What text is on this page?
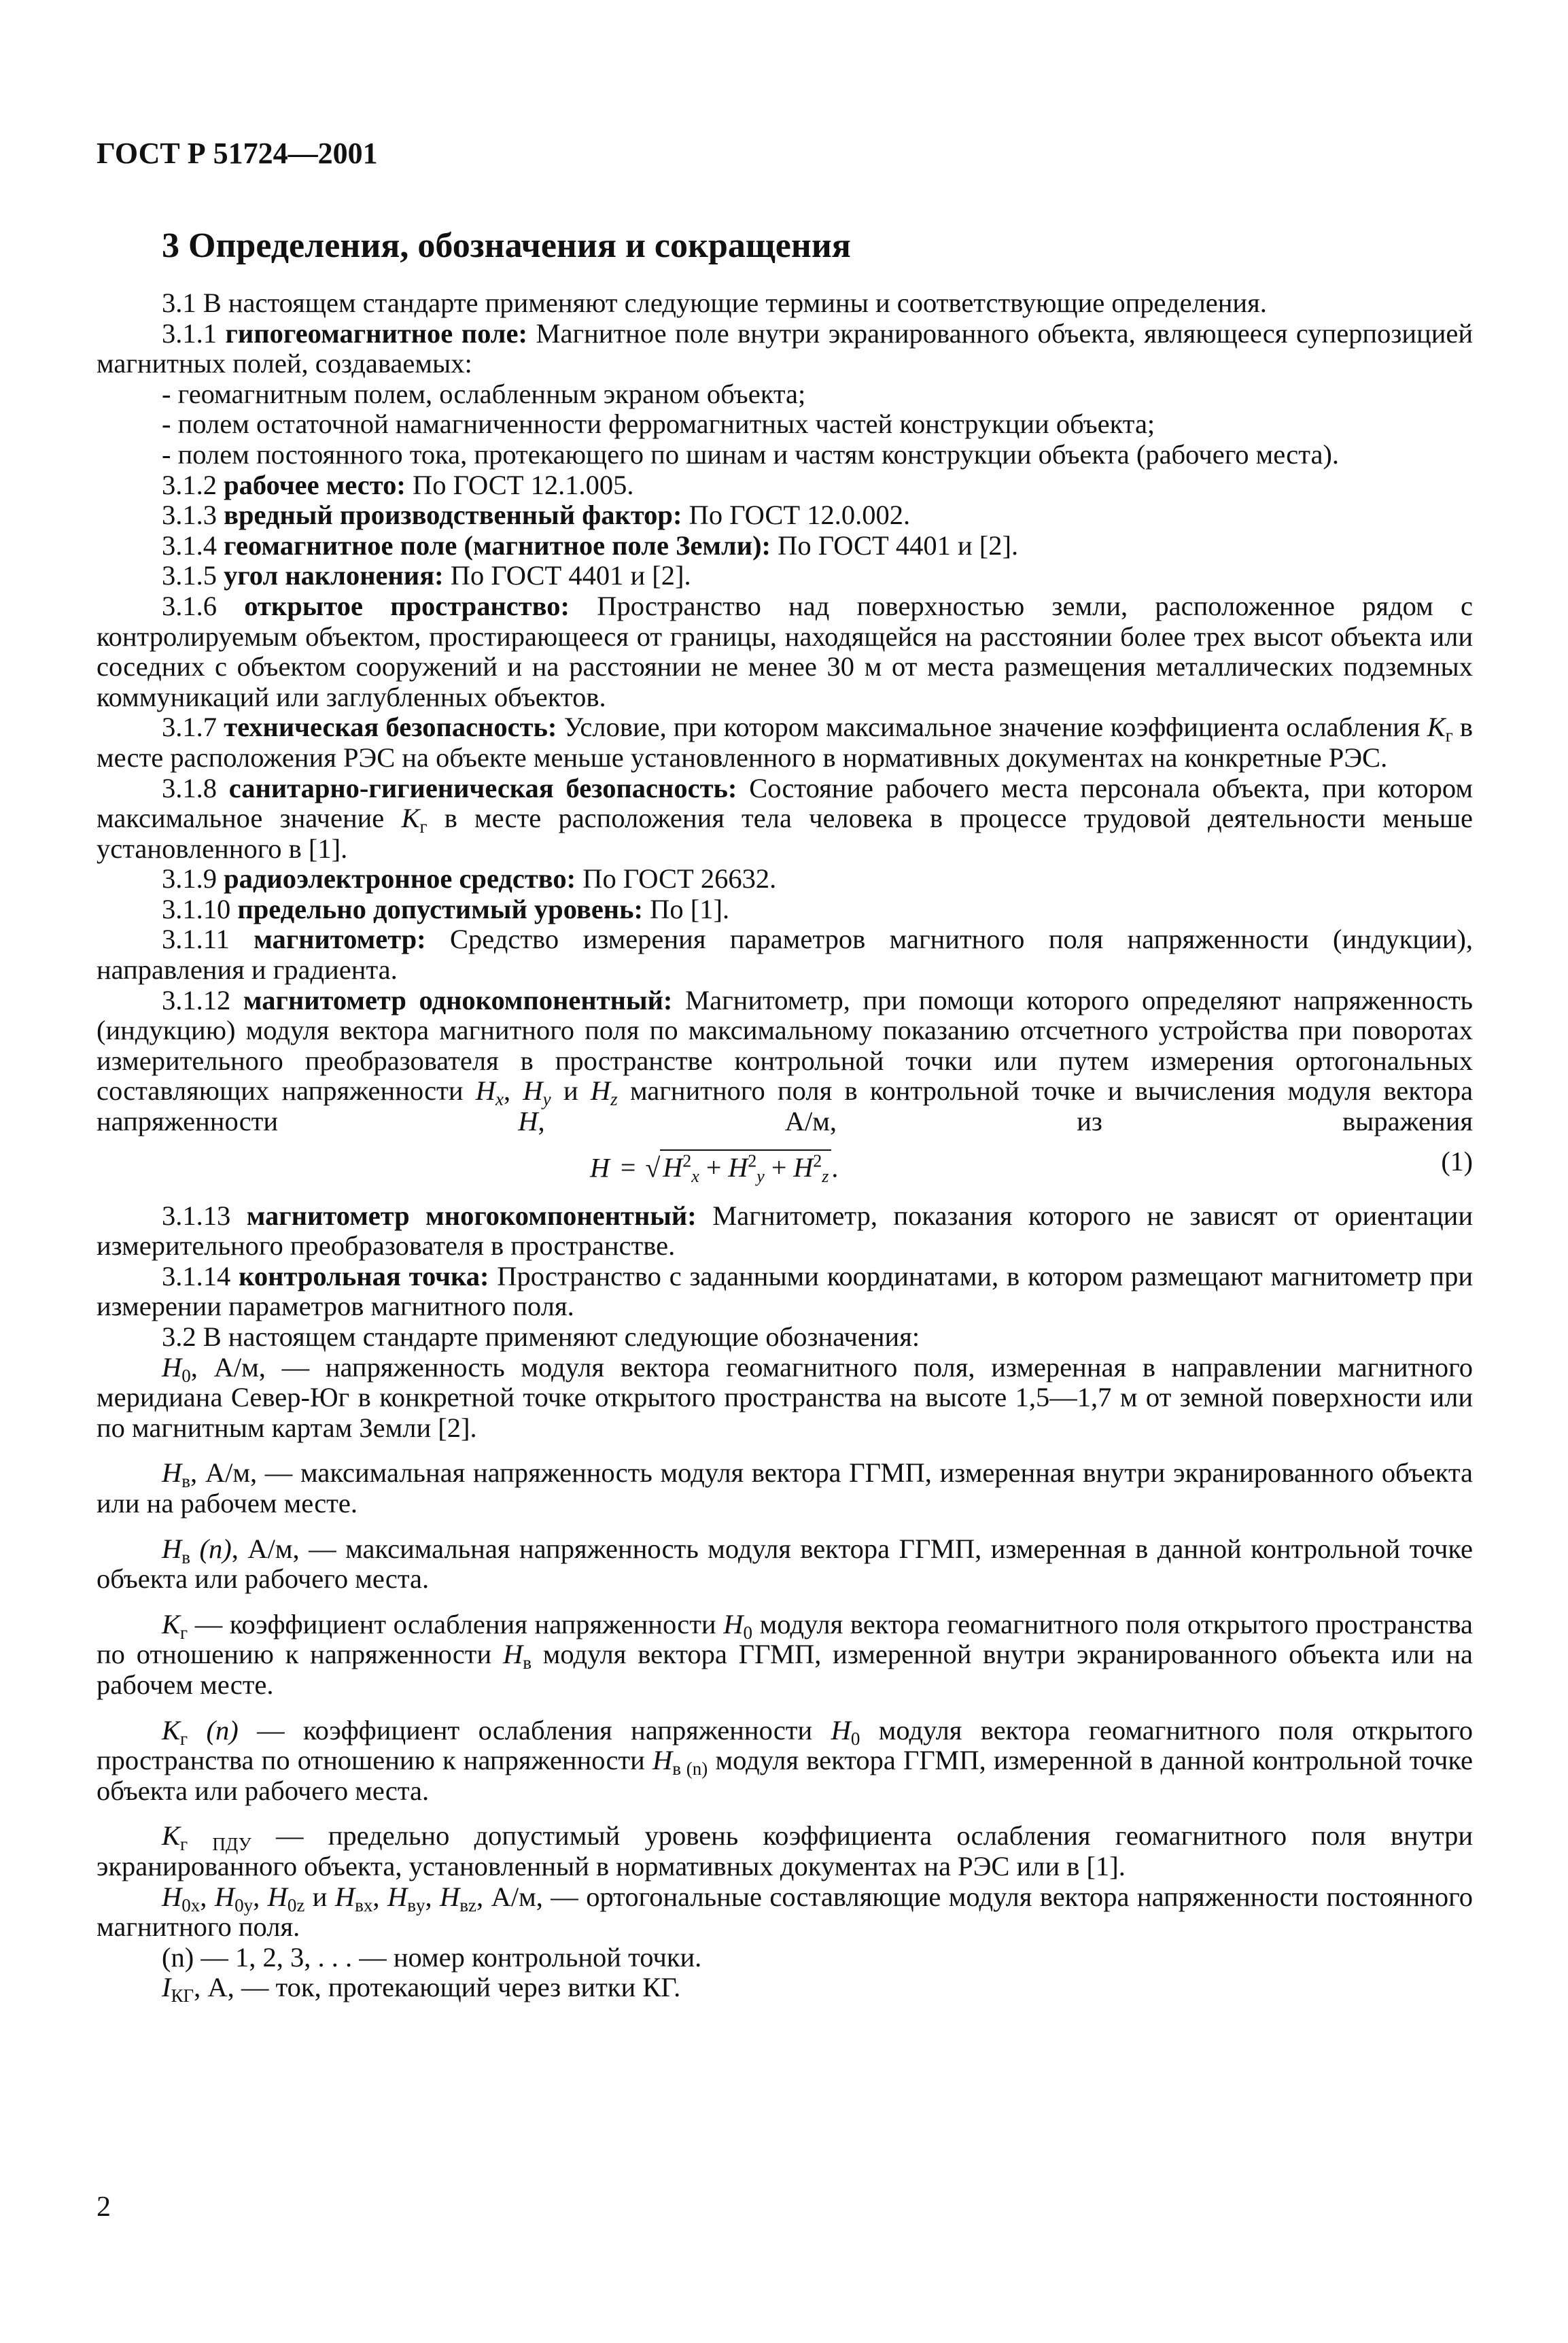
ГОСТ Р 51724—2001
3 Определения, обозначения и сокращения

3.1 В настоящем стандарте применяют следующие термины и соответствующие определения.

3.1.1 гипогеомагнитное поле: Магнитное поле внутри экранированного объекта, являющееся суперпозицией магнитных полей, создаваемых:

- геомагнитным полем, ослабленным экраном объекта;

- полем остаточной намагниченности ферромагнитных частей конструкции объекта;

- полем постоянного тока, протекающего по шинам и частям конструкции объекта (рабочего места).

3.1.2 рабочее место: По ГОСТ 12.1.005.

3.1.3 вредный производственный фактор: По ГОСТ 12.0.002.

3.1.4 геомагнитное поле (магнитное поле Земли): По ГОСТ 4401 и [2].

3.1.5 угол наклонения: По ГОСТ 4401 и [2].

3.1.6 открытое пространство: Пространство над поверхностью земли, расположенное рядом с контролируемым объектом, простирающееся от границы, находящейся на расстоянии более трех высот объекта или соседних с объектом сооружений и на расстоянии не менее 30 м от места размещения металлических подземных коммуникаций или заглубленных объектов.

3.1.7 техническая безопасность: Условие, при котором максимальное значение коэффициента ослабления $K_г$ в месте расположения РЭС на объекте меньше установленного в нормативных документах на конкретные РЭС.

3.1.8 санитарно-гигиеническая безопасность: Состояние рабочего места персонала объекта, при котором максимальное значение $K_г$ в месте расположения тела человека в процессе трудовой деятельности меньше установленного в [1].

3.1.9 радиоэлектронное средство: По ГОСТ 26632.

3.1.10 предельно допустимый уровень: По [1].

3.1.11 магнитометр: Средство измерения параметров магнитного поля напряженности (индукции), направления и градиента.

3.1.12 магнитометр однокомпонентный: Магнитометр, при помощи которого определяют напряженность (индукцию) модуля вектора магнитного поля по максимальному показанию отсчетного устройства при поворотах измерительного преобразователя в пространстве контрольной точки или путем измерения ортогональных составляющих напряженности $H_x$, $H_y$ и $H_z$ магнитного поля в контрольной точке и вычисления модуля вектора напряженности	H, А/м, из выражения

H = √ $H^2_x + H^2_y + H^2_z$ .	(1)

3.1.13 магнитометр многокомпонентный: Магнитометр, показания которого не зависят от ориентации измерительного преобразователя в пространстве.

3.1.14 контрольная точка: Пространство с заданными координатами, в котором размещают магнитометр при измерении параметров магнитного поля.

3.2 В настоящем стандарте применяют следующие обозначения:

$H_0$, А/м, — напряженность модуля вектора геомагнитного поля, измеренная в направлении магнитного меридиана Север-Юг в конкретной точке открытого пространства на высоте 1,5—1,7 м от земной поверхности или по магнитным картам Земли [2].

$H_в$, А/м, — максимальная напряженность модуля вектора ГГМП, измеренная внутри экранированного объекта или на рабочем месте.

$H_в$ (n), А/м, — максимальная напряженность модуля вектора ГГМП, измеренная в данной контрольной точке объекта или рабочего места.

$K_г$ — коэффициент ослабления напряженности $H_0$ модуля вектора геомагнитного поля открытого пространства по отношению к напряженности $H_в$ модуля вектора ГГМП, измеренной внутри экранированного объекта или на рабочем месте.

$K_г$ (n) — коэффициент ослабления напряженности $H_0$ модуля вектора геомагнитного поля открытого пространства по отношению к напряженности $H_{в (n)}$ модуля вектора ГГМП, измеренной в данной контрольной точке объекта или рабочего места.

$K_г$ $_{ПДУ}$ — предельно допустимый уровень коэффициента ослабления геомагнитного поля внутри экранированного объекта, установленный в нормативных документах на РЭС или в [1].

$H_{0x}$, $H_{0y}$, $H_{0z}$ и $H_{вx}$, $H_{вy}$, $H_{вz}$, А/м, — ортогональные составляющие модуля вектора напряженности постоянного магнитного поля.

(n) — 1, 2, 3, . . . — номер контрольной точки.

$I_{КГ}$, А, — ток, протекающий через витки КГ.

2
